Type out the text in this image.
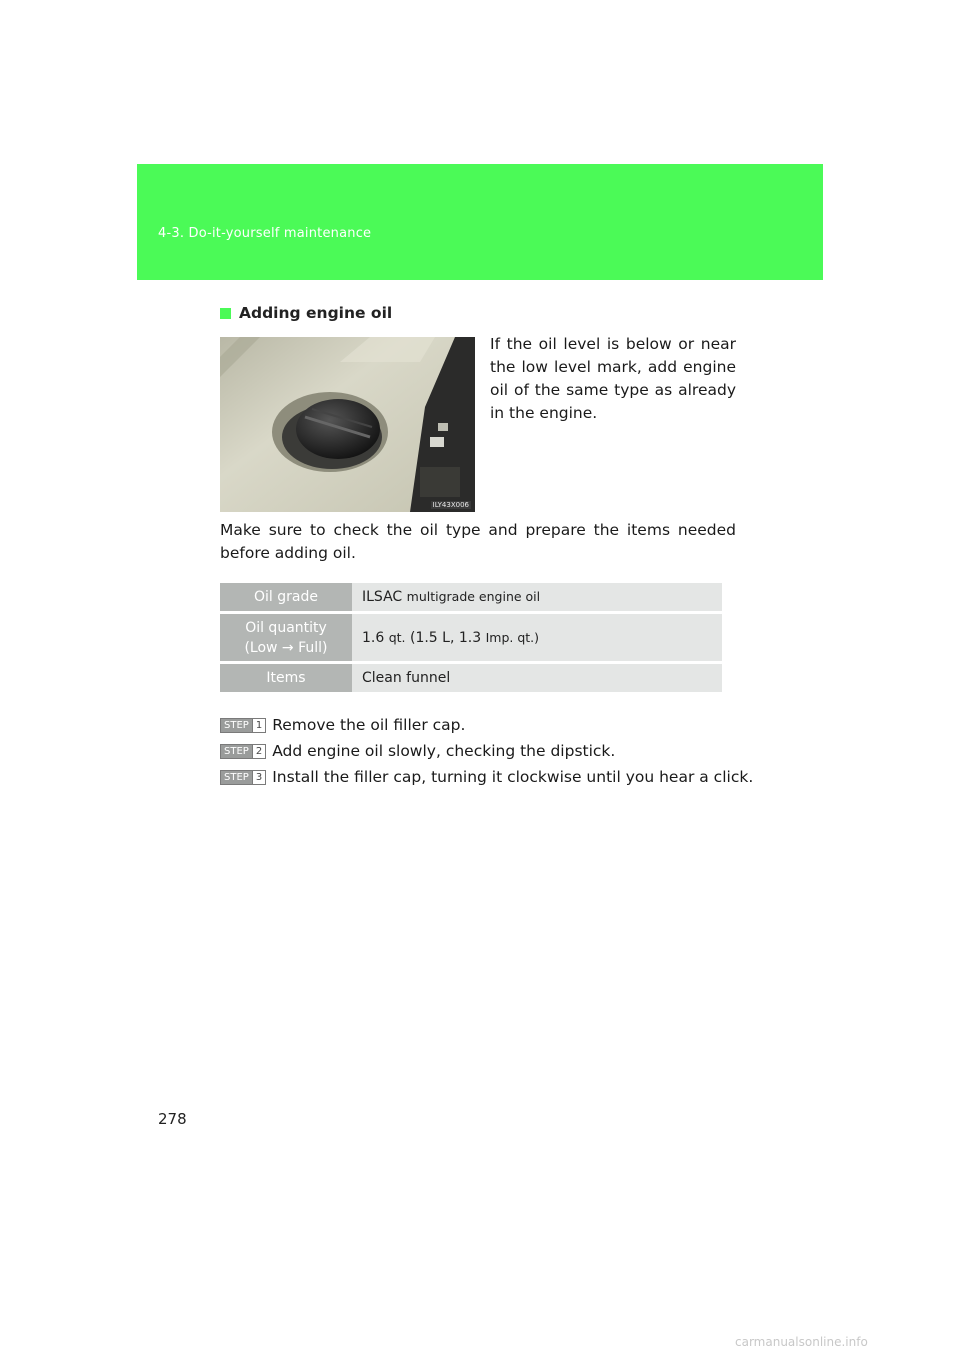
4-3. Do-it-yourself maintenance
Adding engine oil
ILY43X006
If the oil level is below or near the low level mark, add engine oil of the same type as already in the engine.
Make sure to check the oil type and prepare the items needed before adding oil.
Oil grade	ILSAC multigrade engine oil

Oil quantity
(Low → Full)	1.6 qt. (1.5 L, 1.3 Imp. qt.)
Items	Clean funnel
STEP 1 Remove the oil filler cap.
STEP 2 Add engine oil slowly, checking the dipstick.
STEP 3 Install the filler cap, turning it clockwise until you hear a click.
278
carmanualsonline.info
